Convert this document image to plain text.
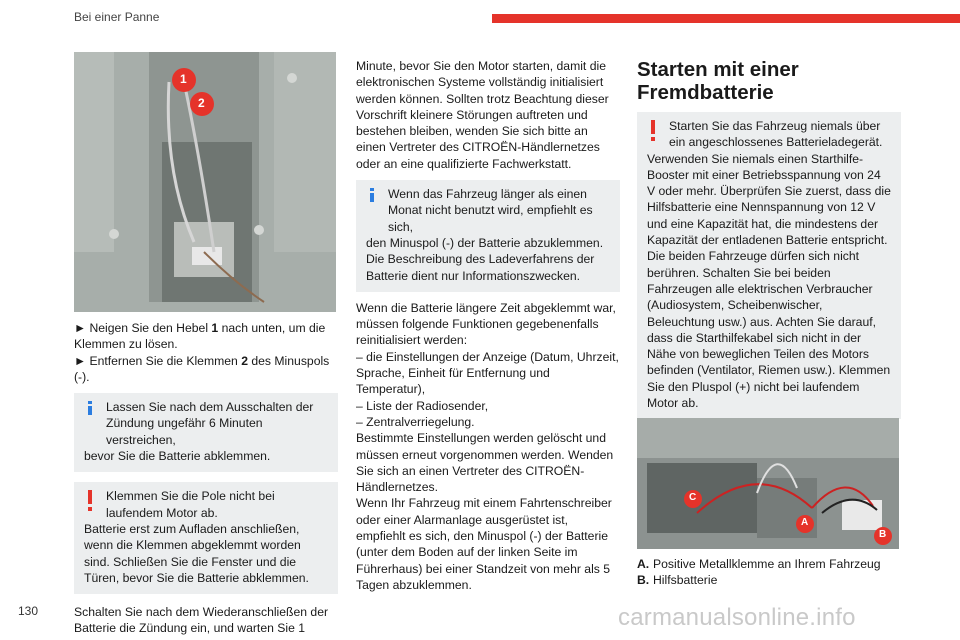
Bei einer Panne
1
2
► Neigen Sie den Hebel 1 nach unten, um die Klemmen zu lösen.
► Entfernen Sie die Klemmen 2 des Minuspols (-).

Lassen Sie nach dem Ausschalten der Zündung ungefähr 6 Minuten verstreichen,

bevor Sie die Batterie abklemmen.

Klemmen Sie die Pole nicht bei laufendem Motor ab.

Batterie erst zum Aufladen anschließen, wenn die Klemmen abgeklemmt worden sind. Schließen Sie die Fenster und die Türen, bevor Sie die Batterie abklemmen.

Schalten Sie nach dem Wiederanschließen der Batterie die Zündung ein, und warten Sie 1

Minute, bevor Sie den Motor starten, damit die elektronischen Systeme vollständig initialisiert werden können. Sollten trotz Beachtung dieser Vorschrift kleinere Störungen auftreten und bestehen bleiben, wenden Sie sich bitte an einen Vertreter des CITROËN-Händlernetzes oder an eine qualifizierte Fachwerkstatt.

Wenn das Fahrzeug länger als einen Monat nicht benutzt wird, empfiehlt es sich,

den Minuspol (-) der Batterie abzuklemmen. Die Beschreibung des Ladeverfahrens der Batterie dient nur Informationszwecken.

Wenn die Batterie längere Zeit abgeklemmt war, müssen folgende Funktionen gegebenenfalls reinitialisiert werden:

– die Einstellungen der Anzeige (Datum, Uhrzeit, Sprache, Einheit für Entfernung und Temperatur),

– Liste der Radiosender,

– Zentralverriegelung.

Bestimmte Einstellungen werden gelöscht und müssen erneut vorgenommen werden. Wenden Sie sich an einen Vertreter des CITROËN-Händlernetzes.

Wenn Ihr Fahrzeug mit einem Fahrtenschreiber oder einer Alarmanlage ausgerüstet ist, empfiehlt es sich, den Minuspol (-) der Batterie (unter dem Boden auf der linken Seite im Führerhaus) bei einer Standzeit von mehr als 5 Tagen abzuklemmen.

Starten mit einer Fremdbatterie

Starten Sie das Fahrzeug niemals über ein angeschlossenes Batterieladegerät.

Verwenden Sie niemals einen Starthilfe-Booster mit einer Betriebsspannung von 24 V oder mehr. Überprüfen Sie zuerst, dass die Hilfsbatterie eine Nennspannung von 12 V und eine Kapazität hat, die mindestens der Kapazität der entladenen Batterie entspricht. Die beiden Fahrzeuge dürfen sich nicht berühren. Schalten Sie bei beiden Fahrzeugen alle elektrischen Verbraucher (Audiosystem, Scheibenwischer, Beleuchtung usw.) aus. Achten Sie darauf, dass die Starthilfekabel sich nicht in der Nähe von beweglichen Teilen des Motors befinden (Ventilator, Riemen usw.). Klemmen Sie den Pluspol (+) nicht bei laufendem Motor ab.

A
B
C
A. Positive Metallklemme an Ihrem Fahrzeug
B. Hilfsbatterie
130	carmanualsonline.info
